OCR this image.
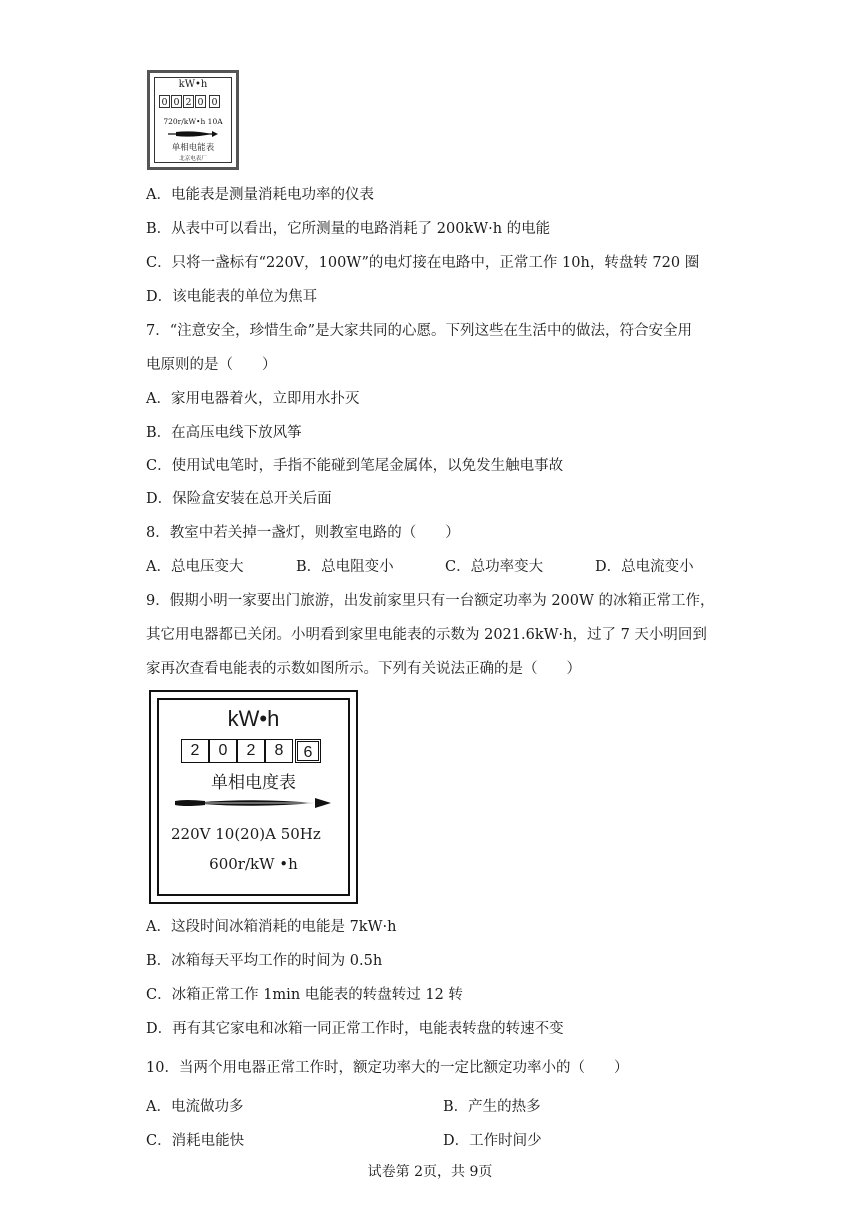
kW•h
0 0 2 0 0
720r/kW•h 10A
单相电能表
北京电表厂
A．电能表是测量消耗电功率的仪表
B．从表中可以看出，它所测量的电路消耗了 200kW·h 的电能
C．只将一盏标有“220V，100W”的电灯接在电路中，正常工作 10h，转盘转 720 圈
D．该电能表的单位为焦耳
7．“注意安全，珍惜生命”是大家共同的心愿。下列这些在生活中的做法，符合安全用
电原则的是（　　）
A．家用电器着火，立即用水扑灭
B．在高压电线下放风筝
C．使用试电笔时，手指不能碰到笔尾金属体，以免发生触电事故
D．保险盒安装在总开关后面
8．教室中若关掉一盏灯，则教室电路的（　　）
A．总电压变大	B．总电阻变小	C．总功率变大	D．总电流变小
9．假期小明一家要出门旅游，出发前家里只有一台额定功率为 200W 的冰箱正常工作，
其它用电器都已关闭。小明看到家里电能表的示数为 2021.6kW·h，过了 7 天小明回到
家再次查看电能表的示数如图所示。下列有关说法正确的是（　　）
kW•h
2	0	2	8	6
单相电度表
220V 10(20)A 50Hz
600r/kW •h
A．这段时间冰箱消耗的电能是 7kW·h
B．冰箱每天平均工作的时间为 0.5h
C．冰箱正常工作 1min 电能表的转盘转过 12 转
D．再有其它家电和冰箱一同正常工作时，电能表转盘的转速不变
10．当两个用电器正常工作时，额定功率大的一定比额定功率小的（　　）
A．电流做功多	B．产生的热多
C．消耗电能快	D．工作时间少
试卷第 2页，共 9页
